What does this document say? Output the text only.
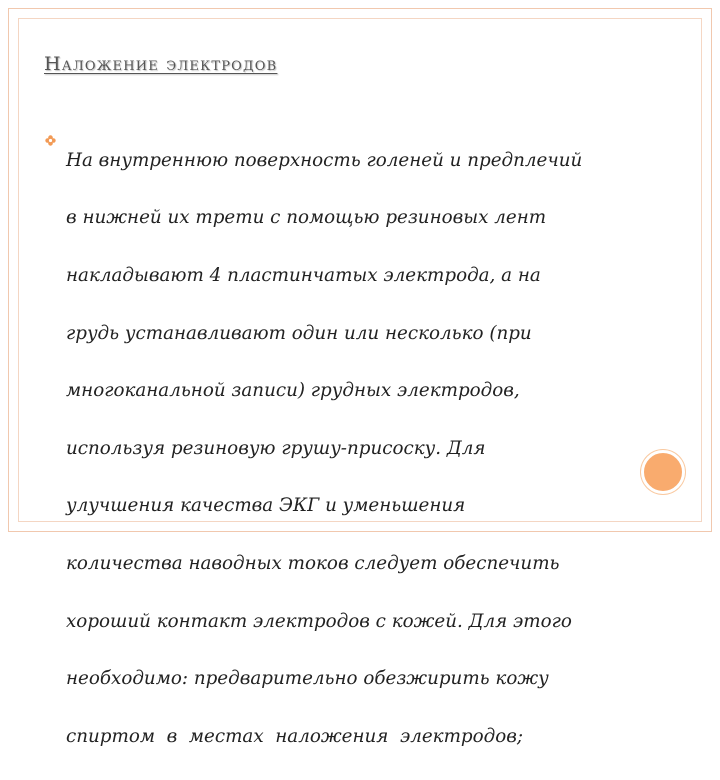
Наложение электродов

На внутреннюю поверхность голеней и предплечий

в нижней их трети с помощью резиновых лент

накладывают 4 пластинчатых электрода, а на

грудь устанавливают один или несколько (при

многоканальной записи) грудных электродов,

используя резиновую грушу-присоску. Для

улучшения качества ЭКГ и уменьшения

количества наводных токов следует обеспечить

хороший контакт электродов с кожей. Для этого

необходимо: предварительно обезжирить кожу

спиртом  в  местах  наложения  электродов;
